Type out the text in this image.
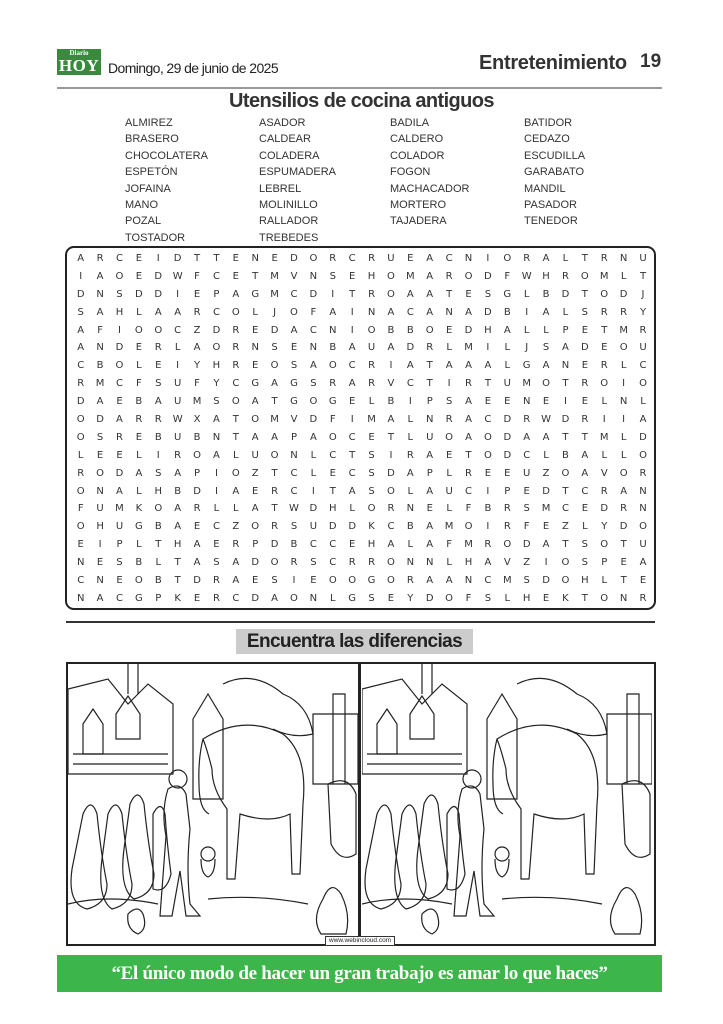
Diario
HOY Domingo, 29 de junio de 2025	Entretenimiento 19
Utensilios de cocina antiguos
ALMIREZ	ASADOR	BADILA	BATIDOR
BRASERO	CALDEAR	CALDERO	CEDAZO
CHOCOLATERA	COLADERA	COLADOR	ESCUDILLA
ESPETÓN	ESPUMADERA	FOGON	GARABATO
JOFAINA	LEBREL	MACHACADOR	MANDIL
MANO	MOLINILLO	MORTERO	PASADOR
POZAL	RALLADOR	TAJADERA	TENEDOR
TOSTADOR	TREBEDES
A	R	C	E	I	D	T	T	E	N	E	D	O	R	C	R	U	E	A	C	N	I	O	R	A	L	T	R	N	U
I	A	O	E	D	W	F	C	E	T	M	V	N	S	E	H	O	M	A	R	O	D	F	W	H	R	O	M	L	T
D	N	S	D	D	I	E	P	A	G	M	C	D	I	T	R	O	A	A	T	E	S	G	L	B	D	T	O	D	J
S	A	H	L	A	A	R	C	O	L	J	O	F	A	I	N	A	C	A	N	A	D	B	I	A	L	S	R	R	Y
A	F	I	O	O	C	Z	D	R	E	D	A	C	N	I	O	B	B	O	E	D	H	A	L	L	P	E	T	M	R
A	N	D	E	R	L	A	O	R	N	S	E	N	B	A	U	A	D	R	L	M	I	L	J	S	A	D	E	O	U
C	B	O	L	E	I	Y	H	R	E	O	S	A	O	C	R	I	A	T	A	A	A	L	G	A	N	E	R	L	C
R	M	C	F	S	U	F	Y	C	G	A	G	S	R	A	R	V	C	T	I	R	T	U	M	O	T	R	O	I	O
D	A	E	B	A	U	M	S	O	A	T	G	O	G	E	L	B	I	P	S	A	E	E	N	E	I	E	L	N	L
O	D	A	R	R	W	X	A	T	O	M	V	D	F	I	M	A	L	N	R	A	C	D	R	W	D	R	I	I	A
O	S	R	E	B	U	B	N	T	A	A	P	A	O	C	E	T	L	U	O	A	O	D	A	A	T	T	M	L	D
L	E	E	L	I	R	O	A	L	U	O	N	L	C	T	S	I	R	A	E	T	O	D	C	L	B	A	L	L	O
R	O	D	A	S	A	P	I	O	Z	T	C	L	E	C	S	D	A	P	L	R	E	E	U	Z	O	A	V	O	R
O	N	A	L	H	B	D	I	A	E	R	C	I	T	A	S	O	L	A	U	C	I	P	E	D	T	C	R	A	N
F	U	M	K	O	A	R	L	L	A	T	W	D	H	L	O	R	N	E	L	F	B	R	S	M	C	E	D	R	N
O	H	U	G	B	A	E	C	Z	O	R	S	U	D	D	K	C	B	A	M	O	I	R	F	E	Z	L	Y	D	O
E	I	P	L	T	H	A	E	R	P	D	B	C	C	E	H	A	L	A	F	M	R	O	D	A	T	S	O	T	U
N	E	S	B	L	T	A	S	A	D	O	R	S	C	R	R	O	N	N	L	H	A	V	Z	I	O	S	P	E	A
C	N	E	O	B	T	D	R	A	E	S	I	E	O	O	G	O	R	A	A	N	C	M	S	D	O	H	L	T	E
N	A	C	G	P	K	E	R	C	D	A	O	N	L	G	S	E	Y	D	O	F	S	L	H	E	K	T	O	N	R
Encuentra las diferencias
www.webincloud.com
“El único modo de hacer un gran trabajo es amar lo que haces”
